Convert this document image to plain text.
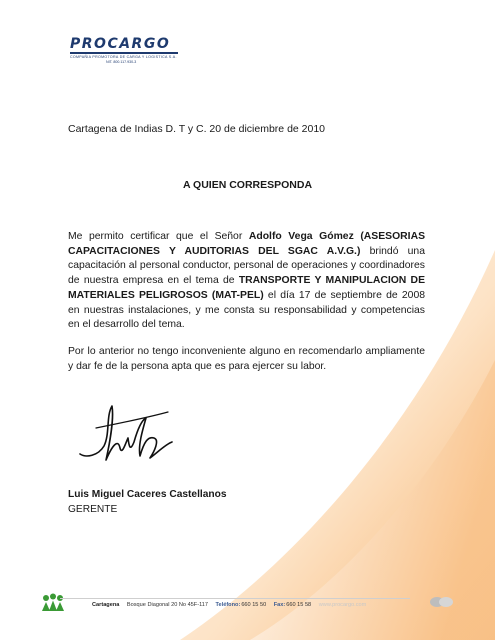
PROCARGO
COMPAÑIA PROMOTORA DE CARGA Y LOGISTICA S.A.
NIT. 800.117.930-3
Cartagena de Indias D. T y C. 20 de diciembre de 2010
A QUIEN CORRESPONDA

Me permito certificar que el Señor Adolfo Vega Gómez (ASESORIAS CAPACITACIONES Y AUDITORIAS DEL SGAC A.V.G.) brindó una capacitación al personal conductor, personal de operaciones y coordinadores de nuestra empresa en el tema de TRANSPORTE Y MANIPULACION DE MATERIALES PELIGROSOS (MAT-PEL) el día 17 de septiembre de 2008 en nuestras instalaciones, y me consta su responsabilidad y competencias en el desarrollo del tema.

Por lo anterior no tengo inconveniente alguno en recomendarlo ampliamente y dar fe de la persona apta que es para ejercer su labor.

Luis Miguel Caceres Castellanos
GERENTE
Cartagena Bosque Diagonal 20 No 45F-117 Teléfono:660 15 50 Fax:660 15 58 www.procargo.com
